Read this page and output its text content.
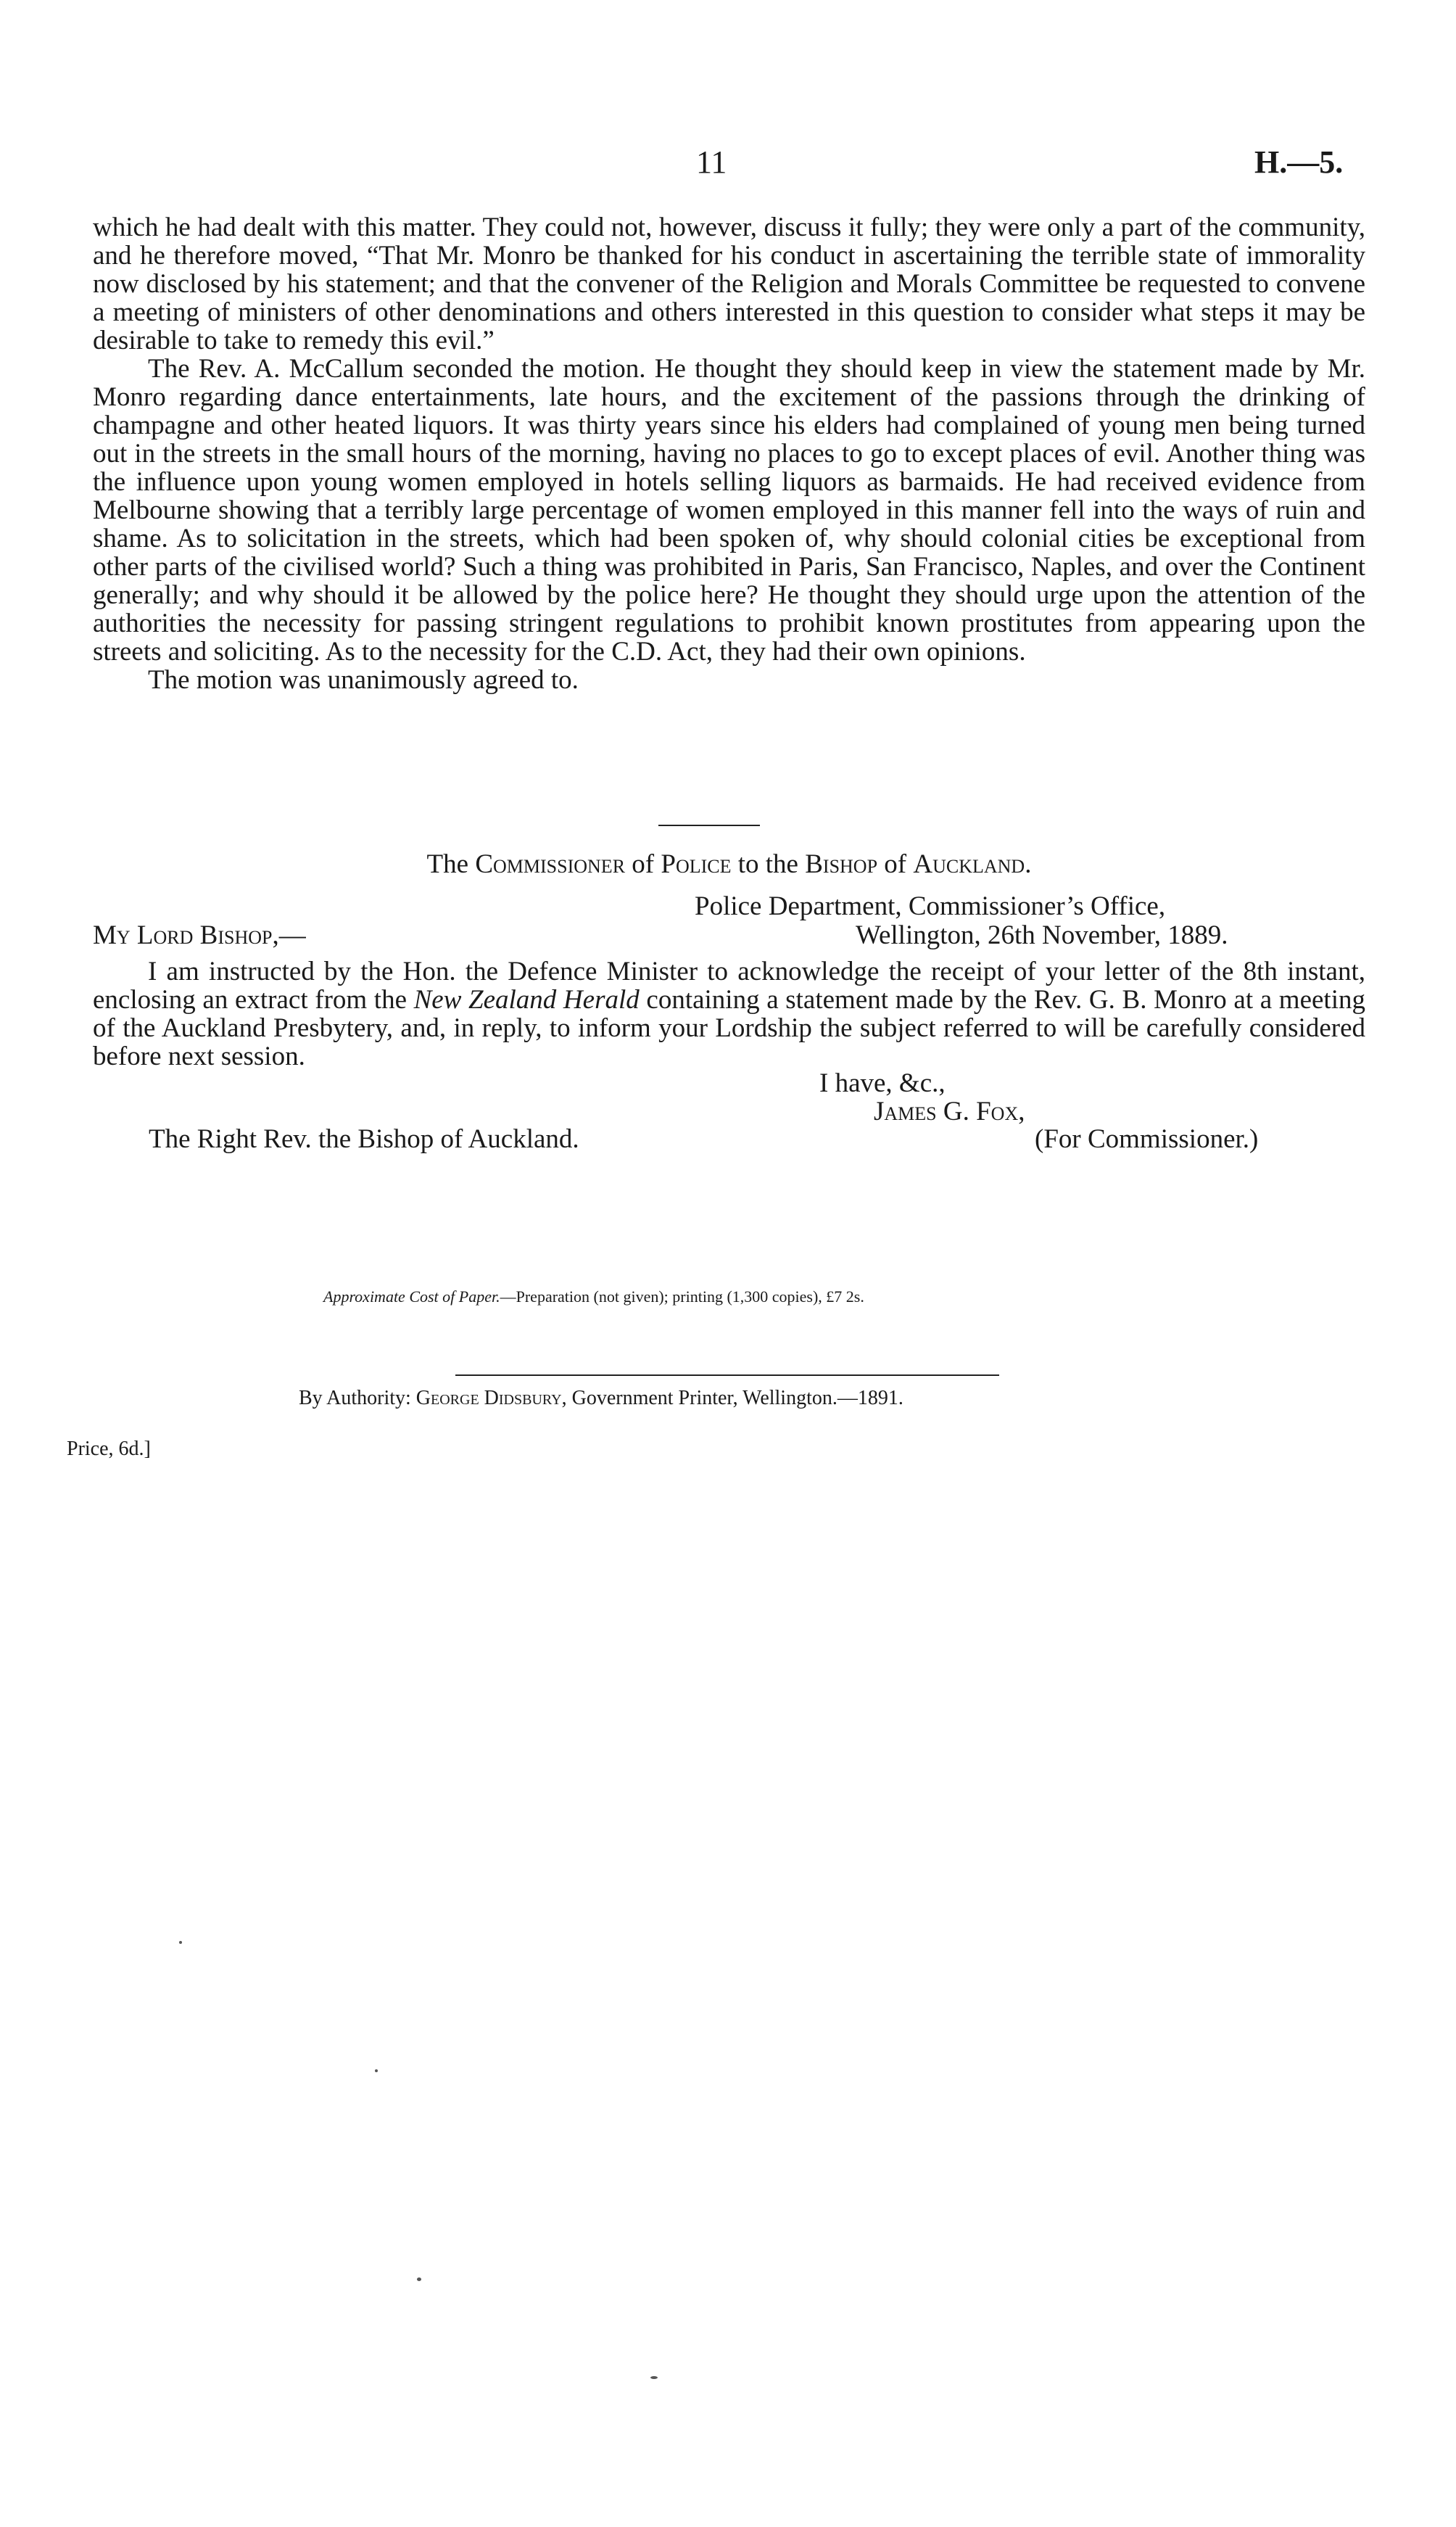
11	H.—5.

which he had dealt with this matter. They could not, however, discuss it fully; they were only a part of the community, and he therefore moved, “That Mr. Monro be thanked for his conduct in ascertaining the terrible state of immorality now disclosed by his statement; and that the convener of the Religion and Morals Committee be requested to convene a meeting of ministers of other denominations and others interested in this question to consider what steps it may be desirable to take to remedy this evil.”

The Rev. A. McCallum seconded the motion. He thought they should keep in view the statement made by Mr. Monro regarding dance entertainments, late hours, and the excitement of the passions through the drinking of champagne and other heated liquors. It was thirty years since his elders had complained of young men being turned out in the streets in the small hours of the morning, having no places to go to except places of evil. Another thing was the influence upon young women employed in hotels selling liquors as barmaids. He had received evidence from Melbourne showing that a terribly large percentage of women employed in this manner fell into the ways of ruin and shame. As to solicitation in the streets, which had been spoken of, why should colonial cities be exceptional from other parts of the civilised world? Such a thing was prohibited in Paris, San Francisco, Naples, and over the Continent generally; and why should it be allowed by the police here? He thought they should urge upon the attention of the authorities the necessity for passing stringent regulations to prohibit known prostitutes from appearing upon the streets and soliciting. As to the necessity for the C.D. Act, they had their own opinions.

The motion was unanimously agreed to.

The Commissioner of Police to the Bishop of Auckland.
Police Department, Commissioner’s Office,
My Lord Bishop,—	Wellington, 26th November, 1889.

I am instructed by the Hon. the Defence Minister to acknowledge the receipt of your letter of the 8th instant, enclosing an extract from the New Zealand Herald containing a statement made by the Rev. G. B. Monro at a meeting of the Auckland Presbytery, and, in reply, to inform your Lordship the subject referred to will be carefully considered before next session.

I have, &c.,
James G. Fox,
The Right Rev. the Bishop of Auckland.	(For Commissioner.)
Approximate Cost of Paper.—Preparation (not given); printing (1,300 copies), £7 2s.
By Authority: George Didsbury, Government Printer, Wellington.—1891.
Price, 6d.]
